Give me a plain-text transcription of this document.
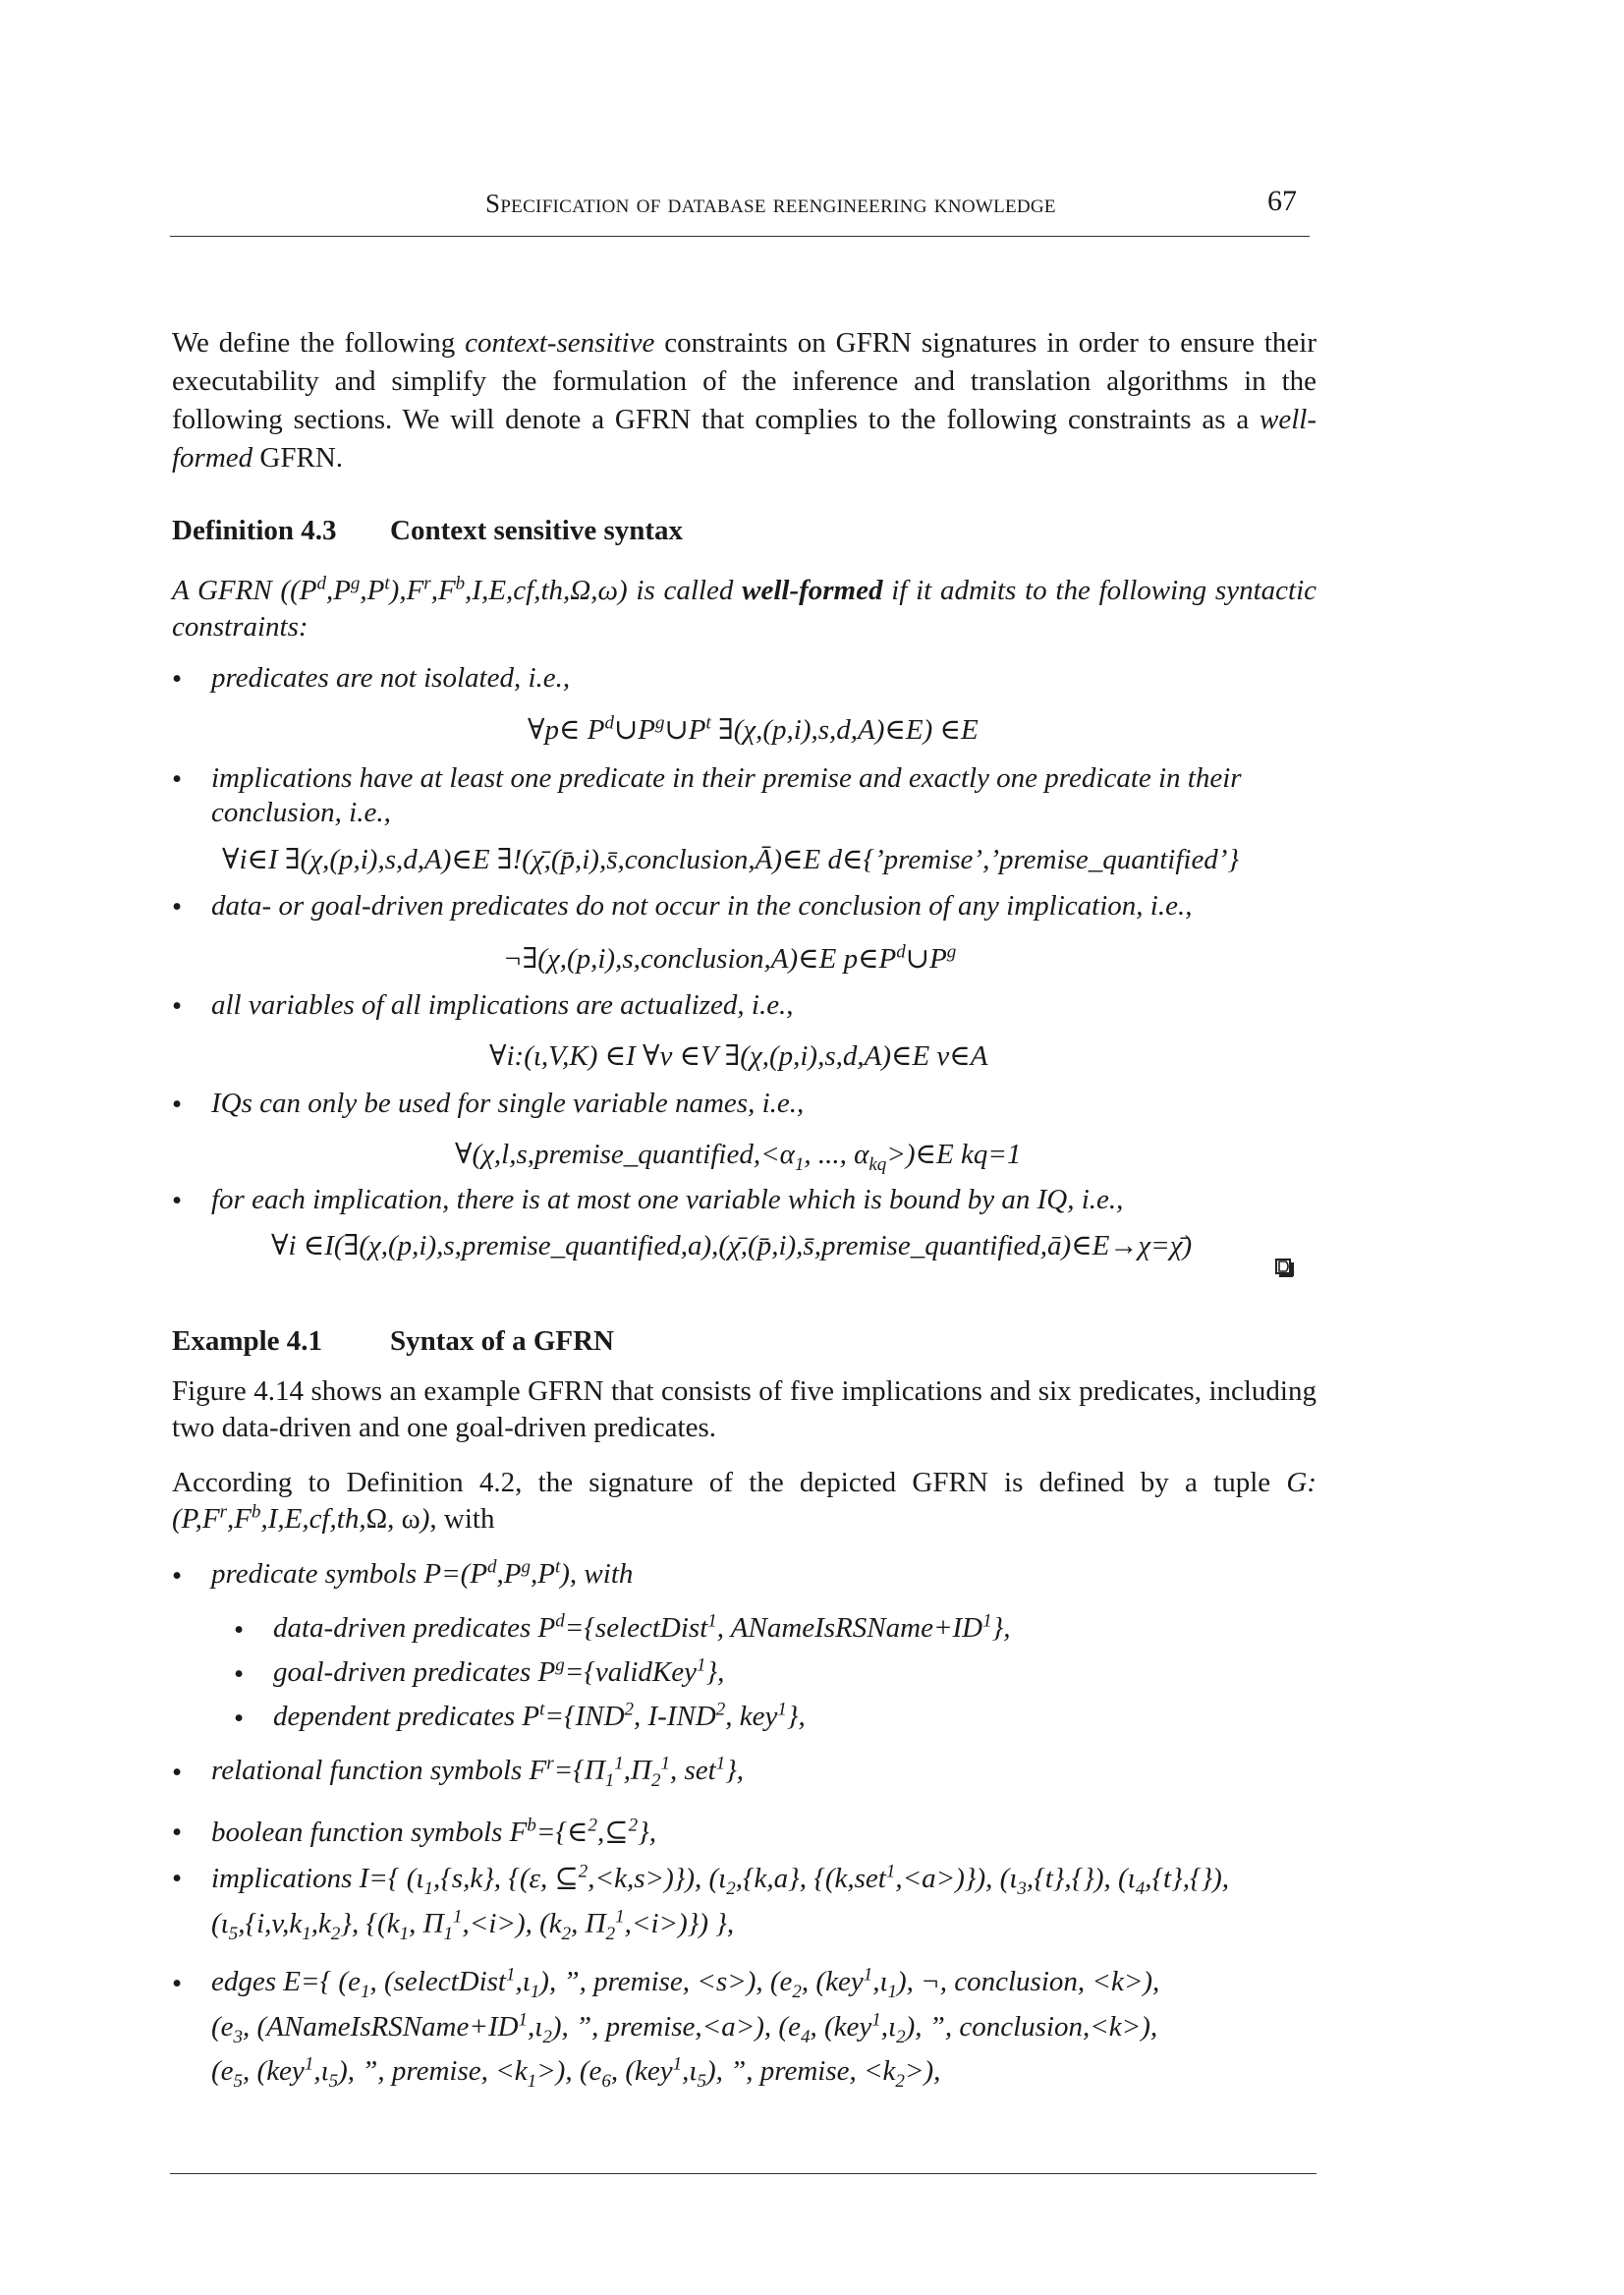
Specification of database reengineering knowledge	67
We define the following context-sensitive constraints on GFRN signatures in order to ensure their executability and simplify the formulation of the inference and translation algorithms in the following sections. We will denote a GFRN that complies to the following constraints as a well-formed GFRN.
Definition 4.3 Context sensitive syntax
A GFRN $((P^d,P^g,P^t),F^r,F^b,I,E,cf,th,\Omega,\omega)$ is called well-formed if it admits to the following syntactic constraints:
• predicates are not isolated, i.e.,
∀p∈ $P^d\cup P^g\cup P^t$ ∃(χ,(p,i),s,d,A)∈E) ∈E
• implications have at least one predicate in their premise and exactly one predicate in their conclusion, i.e.,
∀i∈I ∃(χ,(p,i),s,d,A)∈E ∃!(χ̄,(p̄,i),s̄,conclusion,Ā)∈E d∈{’premise’,’premise_quantified’}
• data- or goal-driven predicates do not occur in the conclusion of any implication, i.e.,
¬∃(χ,(p,i),s,conclusion,A)∈E $p\in P^d\cup P^g$
• all variables of all implications are actualized, i.e.,
∀i:(ι,V,K) ∈I ∀v ∈V ∃(χ,(p,i),s,d,A)∈E v∈A
• IQs can only be used for single variable names, i.e.,
$\forall(\chi,l,s,premise\_quantified,<\alpha_1$, ..., $\alpha_{kq}>)\in E$ kq=1
• for each implication, there is at most one variable which is bound by an IQ, i.e.,
∀i ∈I(∃(χ,(p,i),s,premise_quantified,a),(χ̄,(p̄,i),s̄,premise_quantified,ā)∈E→χ=χ̄)
Example 4.1 Syntax of a GFRN
Figure 4.14 shows an example GFRN that consists of five implications and six predicates, including two data-driven and one goal-driven predicates.
According to Definition 4.2, the signature of the depicted GFRN is defined by a tuple $G:(P,F^r,F^b,I,E,cf,th,\Omega$, ω), with
• predicate symbols $P=(P^d,P^g,P^t)$, with
• data-driven predicates $P^d=\{selectDist^1$, $ANameIsRSName+ID^1$},
• goal-driven predicates $P^g=\{validKey^1\}$,
• dependent predicates $P^t=\{IND^2$, I-IND$^2$, key$^1$},
• relational function symbols $F^r=\{\Pi_1^1,\Pi_2^1$, set$^1$},
• boolean function symbols $F^b=\{\in^2,⊆^2\}$,
• implications I={ ($\iota_1,\{s,k\}$, {(ε, ⊆$^2$,<k,s>)}), ($\iota_2,\{k,a\}$, {(k,set$^1$,<a>)}), $(\iota_3,\{t\},\{\})$, $(\iota_4,\{t\},\{\})$,
($\iota_5,\{i,v,k_1,k_2\}$, {($k_1$, $\Pi_1^1,<i>$), ($k_2$, $\Pi_2^1,<i>$)}) },
• edges E={ ($e_1$, $(selectDist^1,\iota_1)$, ”, premise, <s>), ($e_2$, $(key^1,\iota_1)$, ¬, conclusion, <k>),
($e_3$, $(ANameIsRSName+ID^1,\iota_2)$, ”, premise,<a>), ($e_4$, $(key^1,\iota_2)$, ”, conclusion,<k>),
($e_5$, $(key^1,\iota_5)$, ”, premise, $<k_1>$), ($e_6$, $(key^1,\iota_5)$, ”, premise, $<k_2>$),
